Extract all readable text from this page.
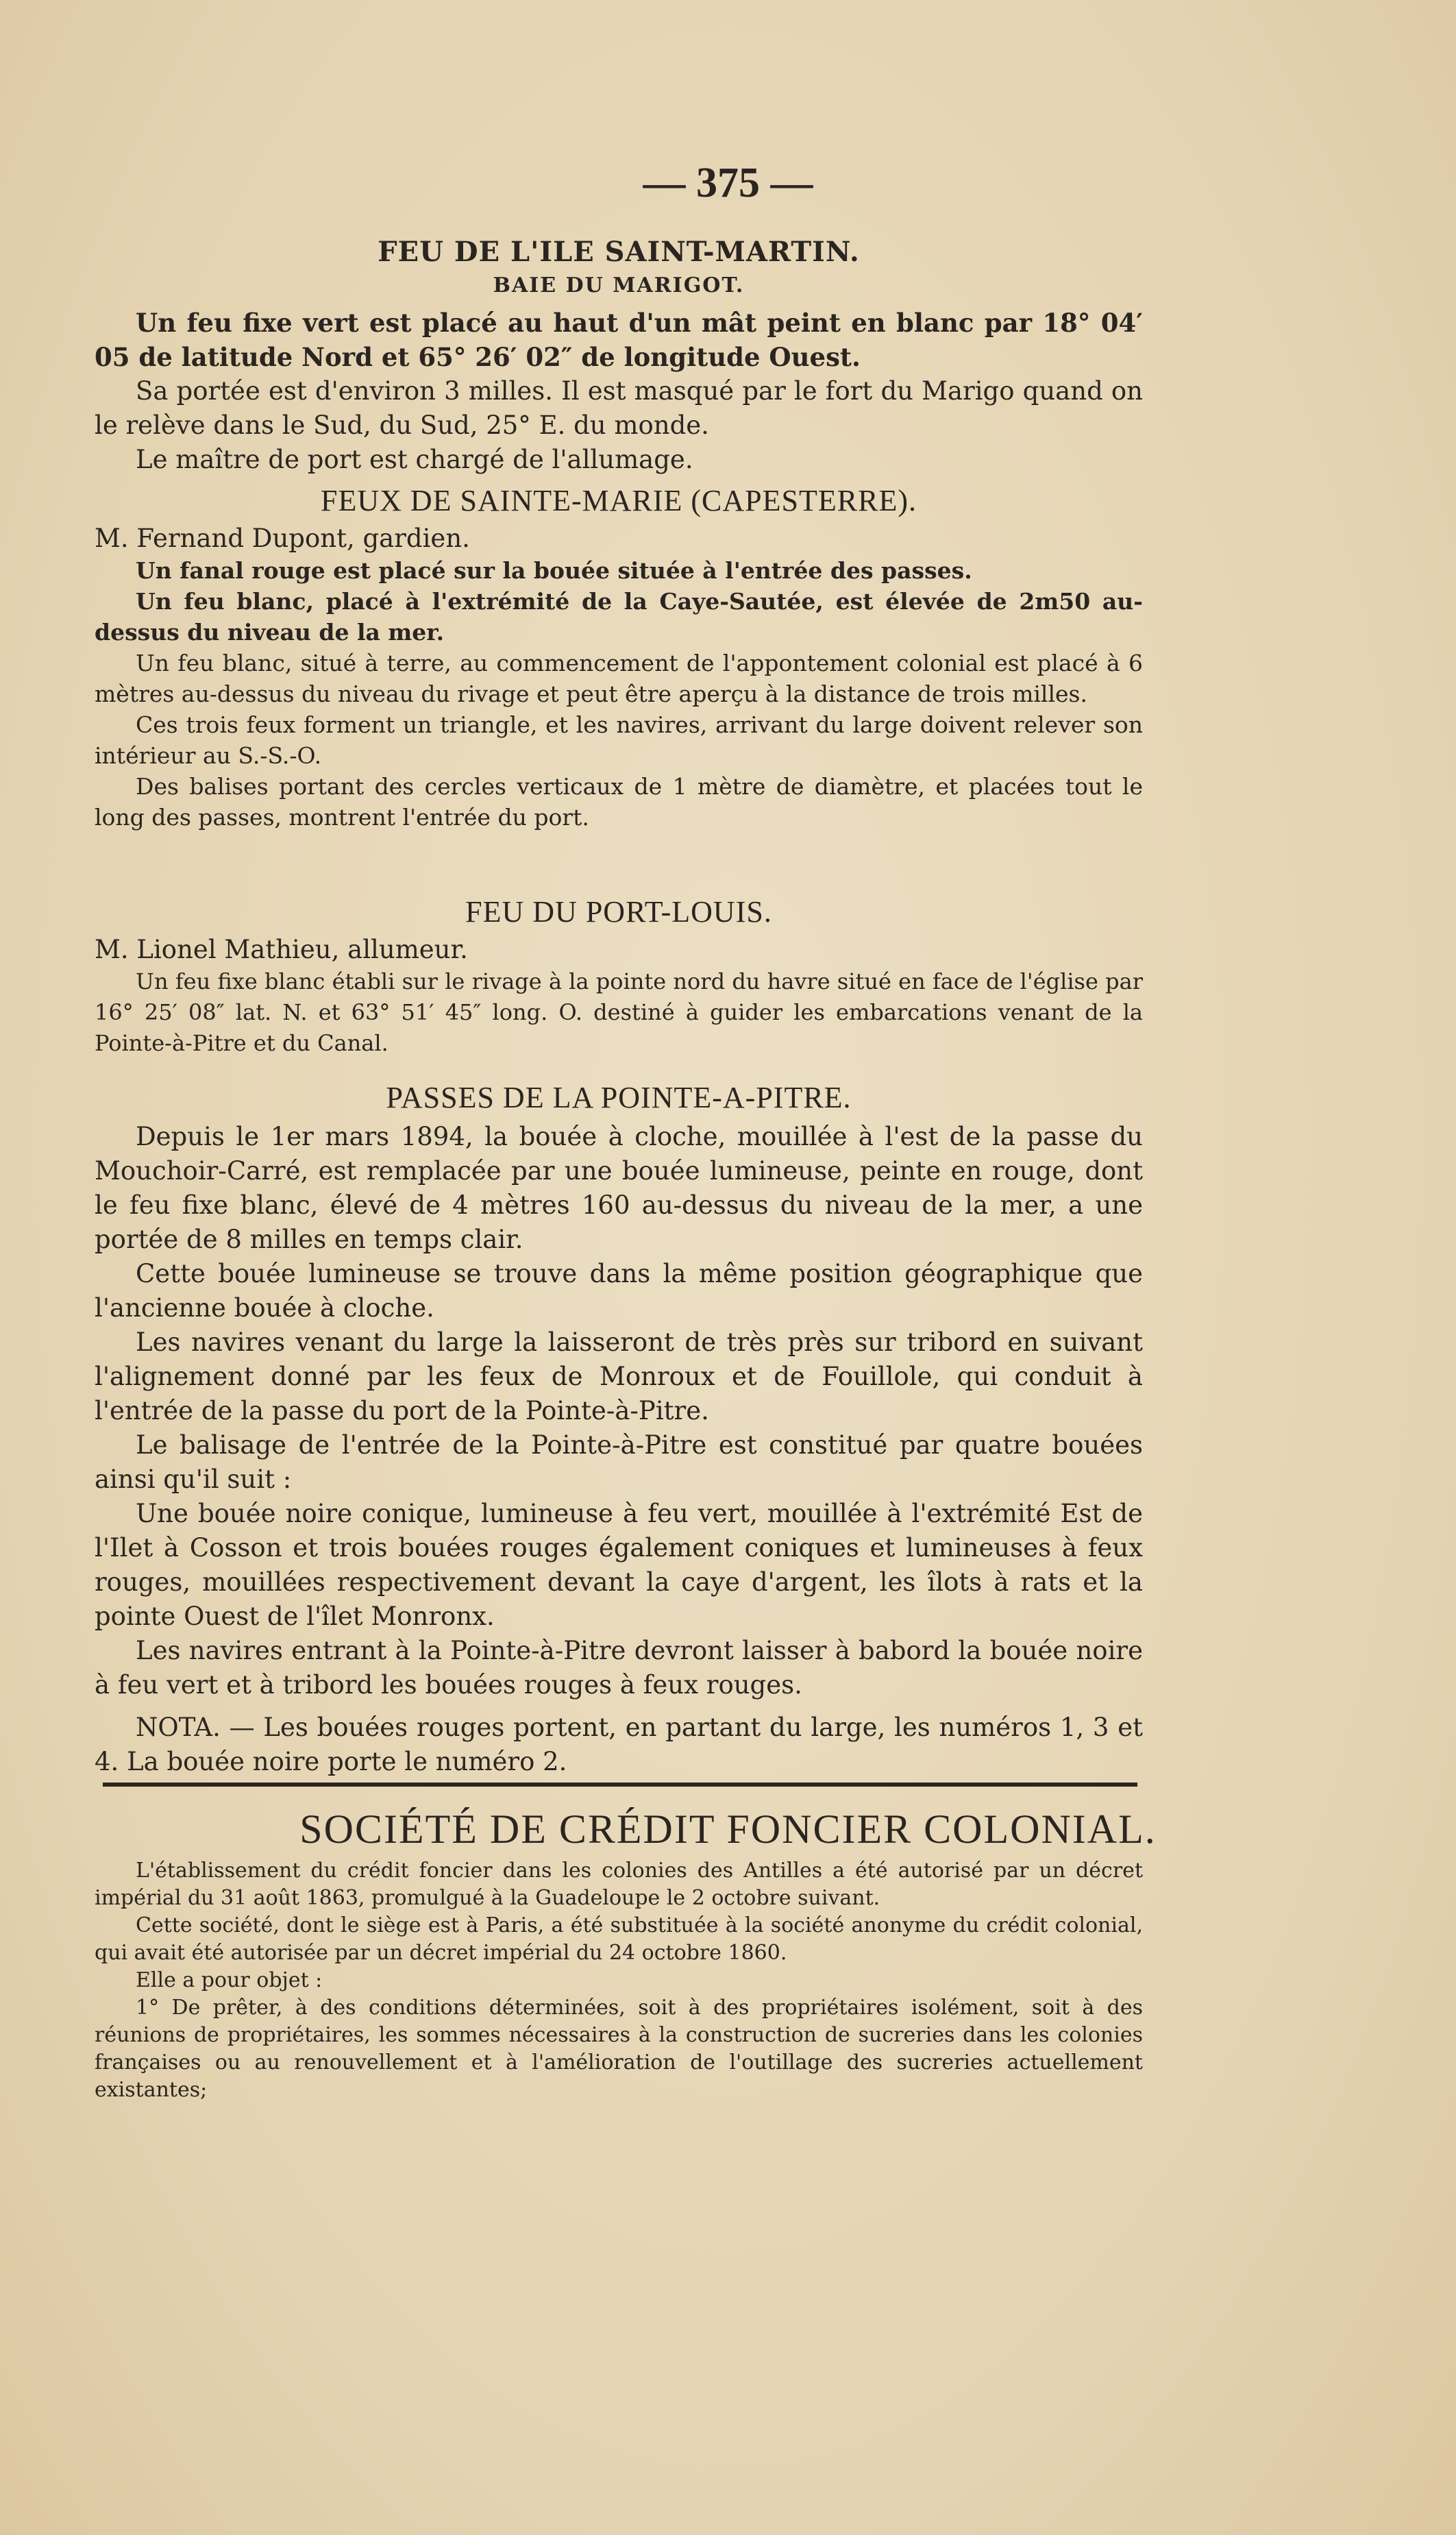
— 375 —
FEU DE L'ILE SAINT-MARTIN.
BAIE DU MARIGOT.

Un feu fixe vert est placé au haut d'un mât peint en blanc par 18° 04′ 05 de latitude Nord et 65° 26′ 02″ de longitude Ouest.

Sa portée est d'environ 3 milles. Il est masqué par le fort du Marigo quand on le relève dans le Sud, du Sud, 25° E. du monde.

Le maître de port est chargé de l'allumage.

FEUX DE SAINTE-MARIE (CAPESTERRE).

M. Fernand Dupont, gardien.

Un fanal rouge est placé sur la bouée située à l'entrée des passes.

Un feu blanc, placé à l'extrémité de la Caye-Sautée, est élevée de 2m50 au-dessus du niveau de la mer.

Un feu blanc, situé à terre, au commencement de l'appontement colonial est placé à 6 mètres au-dessus du niveau du rivage et peut être aperçu à la distance de trois milles.

Ces trois feux forment un triangle, et les navires, arrivant du large doivent relever son intérieur au S.-S.-O.

Des balises portant des cercles verticaux de 1 mètre de diamètre, et placées tout le long des passes, montrent l'entrée du port.

FEU DU PORT-LOUIS.

M. Lionel Mathieu, allumeur.

Un feu fixe blanc établi sur le rivage à la pointe nord du havre situé en face de l'église par 16° 25′ 08″ lat. N. et 63° 51′ 45″ long. O. destiné à guider les embarcations venant de la Pointe-à-Pitre et du Canal.

PASSES DE LA POINTE-A-PITRE.

Depuis le 1er mars 1894, la bouée à cloche, mouillée à l'est de la passe du Mouchoir-Carré, est remplacée par une bouée lumineuse, peinte en rouge, dont le feu fixe blanc, élevé de 4 mètres 160 au-dessus du niveau de la mer, a une portée de 8 milles en temps clair.

Cette bouée lumineuse se trouve dans la même position géographique que l'ancienne bouée à cloche.

Les navires venant du large la laisseront de très près sur tribord en suivant l'alignement donné par les feux de Monroux et de Fouillole, qui conduit à l'entrée de la passe du port de la Pointe-à-Pitre.

Le balisage de l'entrée de la Pointe-à-Pitre est constitué par quatre bouées ainsi qu'il suit :

Une bouée noire conique, lumineuse à feu vert, mouillée à l'extrémité Est de l'Ilet à Cosson et trois bouées rouges également coniques et lumineuses à feux rouges, mouillées respectivement devant la caye d'argent, les îlots à rats et la pointe Ouest de l'îlet Monronx.

Les navires entrant à la Pointe-à-Pitre devront laisser à babord la bouée noire à feu vert et à tribord les bouées rouges à feux rouges.

NOTA. — Les bouées rouges portent, en partant du large, les numéros 1, 3 et 4. La bouée noire porte le numéro 2.

SOCIÉTÉ DE CRÉDIT FONCIER COLONIAL.

L'établissement du crédit foncier dans les colonies des Antilles a été autorisé par un décret impérial du 31 août 1863, promulgué à la Guadeloupe le 2 octobre suivant.

Cette société, dont le siège est à Paris, a été substituée à la société anonyme du crédit colonial, qui avait été autorisée par un décret impérial du 24 octobre 1860.

Elle a pour objet :

1° De prêter, à des conditions déterminées, soit à des propriétaires isolément, soit à des réunions de propriétaires, les sommes nécessaires à la construction de sucreries dans les colonies françaises ou au renouvellement et à l'amélioration de l'outillage des sucreries actuellement existantes;
